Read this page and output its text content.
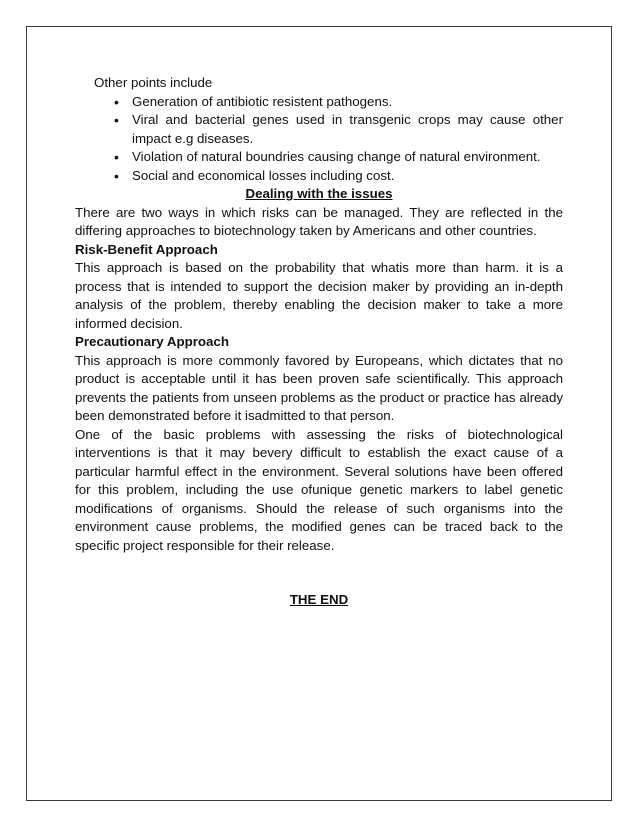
Other points include

• Generation of antibiotic resistent pathogens.
• Viral and bacterial genes used in transgenic crops may cause other impact e.g diseases.
• Violation of natural boundries causing change of natural environment.
• Social and economical losses including cost.

Dealing with the issues

There are two ways in which risks can be managed. They are reflected in the differing approaches to biotechnology taken by Americans and other countries.

Risk-Benefit Approach

This approach is based on the probability that whatis more than harm. it is a process that is intended to support the decision maker by providing an in-depth analysis of the problem, thereby enabling the decision maker to take a more informed decision.

Precautionary Approach

This approach is more commonly favored by Europeans, which dictates that no product is acceptable until it has been proven safe scientifically. This approach prevents the patients from unseen problems as the product or practice has already been demonstrated before it isadmitted to that person.

One of the basic problems with assessing the risks of biotechnological interventions is that it may bevery difficult to establish the exact cause of a particular harmful effect in the environment. Several solutions have been offered for this problem, including the use ofunique genetic markers to label genetic modifications of organisms. Should the release of such organisms into the environment cause problems, the modified genes can be traced back to the specific project responsible for their release.

THE END
